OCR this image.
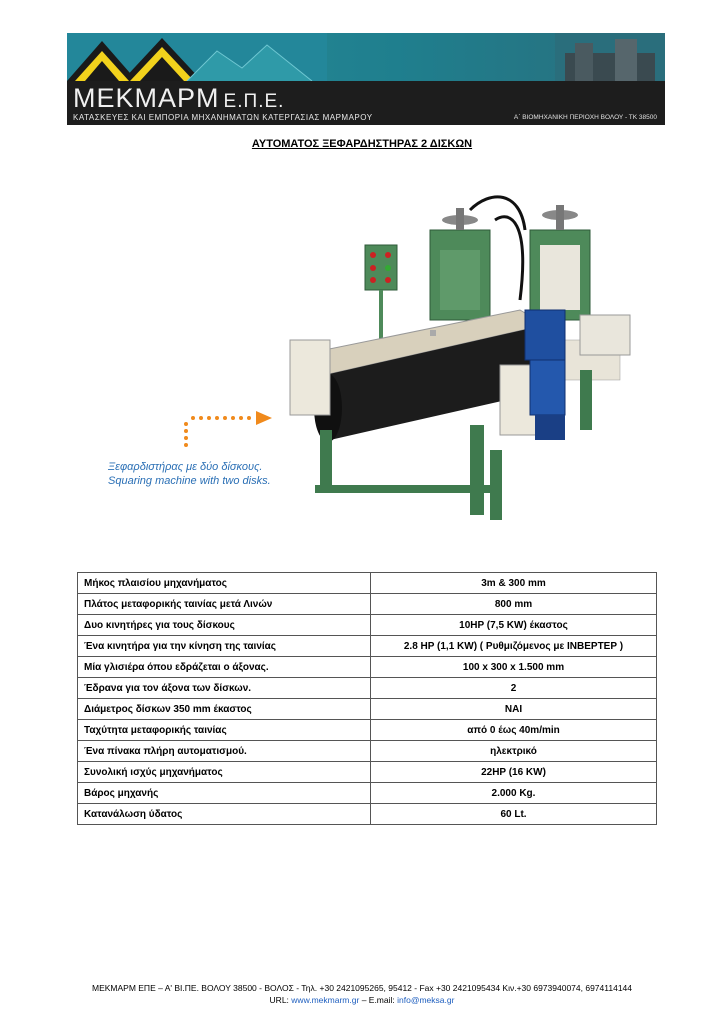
ΜΕΚΜΑΡΜ Ε.Π.Ε.
ΚΑΤΑΣΚΕΥΕΣ ΚΑΙ ΕΜΠΟΡΙΑ ΜΗΧΑΝΗΜΑΤΩΝ ΚΑΤΕΡΓΑΣΙΑΣ ΜΑΡΜΑΡΟΥ	Α΄ ΒΙΟΜΗΧΑΝΙΚΗ ΠΕΡΙΟΧΗ ΒΟΛΟΥ - ΤΚ 38500
ΑΥΤΟΜΑΤΟΣ ΞΕΦΑΡΔΗΣΤΗΡΑΣ 2 ΔΙΣΚΩΝ
Ξεφαρδιστήρας με δύο δίσκους.
Squaring machine with two disks.
Μήκος πλαισίου μηχανήματος	3m & 300 mm
Πλάτος μεταφορικής ταινίας μετά Λινών	800 mm
Δυο κινητήρες για τους δίσκους	10HP (7,5 KW) έκαστος
Ένα κινητήρα για την κίνηση της ταινίας	2.8 HP (1,1 KW) ( Ρυθμιζόμενος με ΙΝΒΕΡΤΕΡ )
Μία γλισιέρα όπου εδράζεται ο άξονας.	100 x 300 x 1.500 mm
Έδρανα για τον άξονα των δίσκων.	2
Διάμετρος δίσκων 350 mm έκαστος	ΝΑΙ
Ταχύτητα μεταφορικής ταινίας	από 0 έως 40m/min
Ένα πίνακα πλήρη αυτοματισμού.	ηλεκτρικό
Συνολική ισχύς μηχανήματος	22HP (16 KW)
Βάρος μηχανής	2.000 Kg.
Κατανάλωση ύδατος	60 Lt.
ΜΕΚΜΑΡΜ ΕΠΕ – Α' ΒΙ.ΠΕ. ΒΟΛΟΥ 38500 - ΒΟΛΟΣ - Τηλ. +30 2421095265, 95412 - Fax +30 2421095434 Κιν.+30 6973940074, 6974114144
URL: www.mekmarm.gr – E.mail: info@meksa.gr
